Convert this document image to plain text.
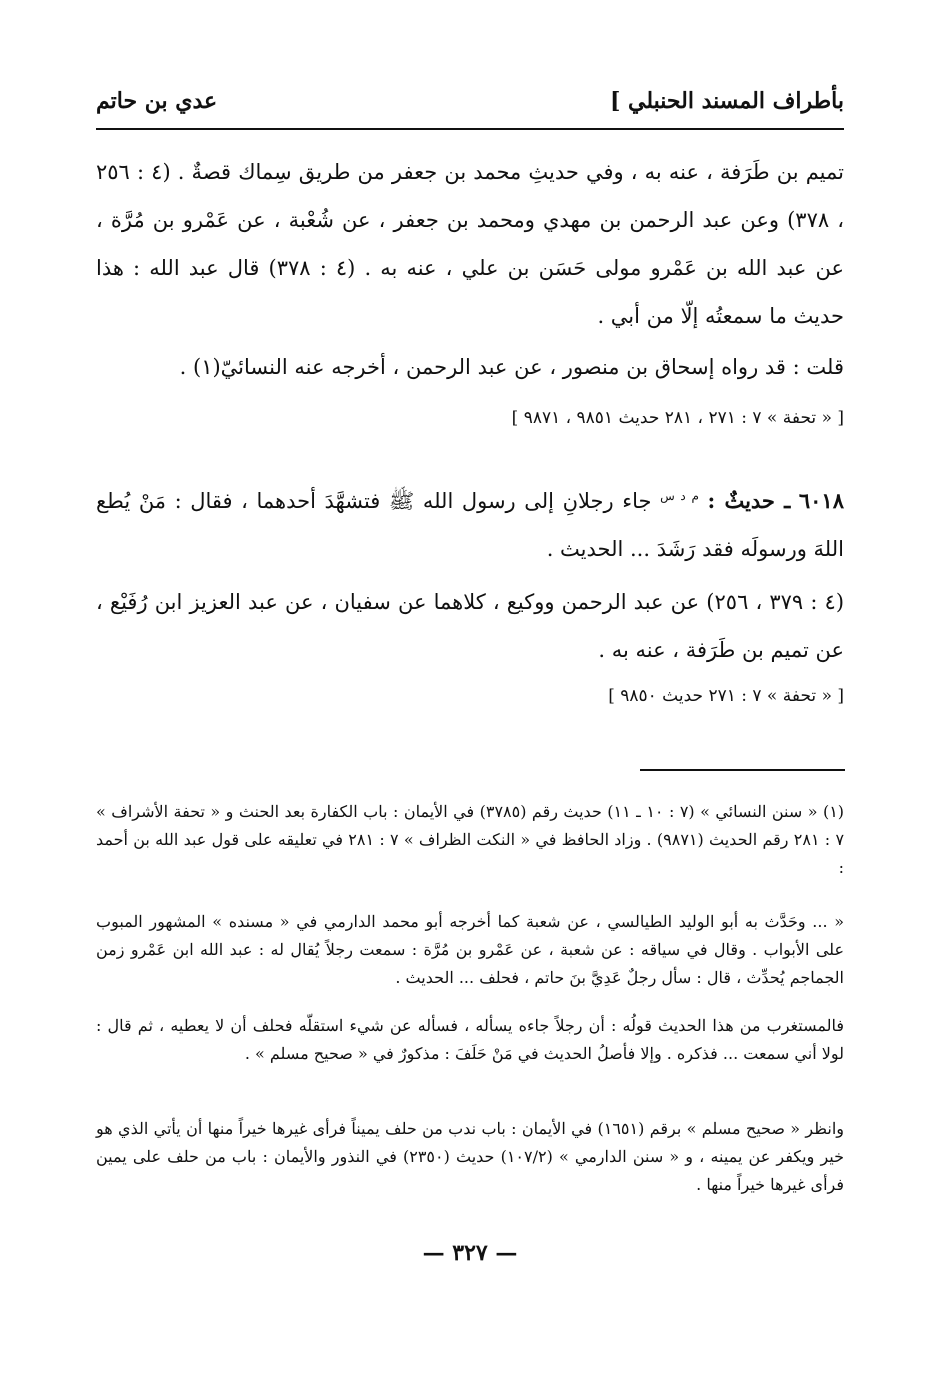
بأطراف المسند الحنبلي ]
عدي بن حاتم
تميم بن طَرَفة ، عنه به ، وفي حديثِ محمد بن جعفر من طريق سِماك قصةٌ . (٤ : ٢٥٦ ، ٣٧٨) وعن عبد الرحمن بن مهدي ومحمد بن جعفر ، عن شُعْبة ، عن عَمْرو بن مُرَّة ، عن عبد الله بن عَمْرو مولى حَسَن بن علي ، عنه به . (٤ : ٣٧٨) قال عبد الله : هذا حديث ما سمعتُه إلّا من أبي .
قلت : قد رواه إسحاق بن منصور ، عن عبد الرحمن ، أخرجه عنه النسائيّ(١) .
[ « تحفة » ٧ : ٢٧١ ، ٢٨١ حديث ٩٨٥١ ، ٩٨٧١ ]
٦٠١٨ ـ حديثٌ : $^{م د س}$ جاء رجلانِ إلى رسول الله ﷺ فتشهَّدَ أحدهما ، فقال : مَنْ يُطع اللهَ ورسولَه فقد رَشَدَ ... الحديث .
(٤ : ٣٧٩ ، ٢٥٦) عن عبد الرحمن ووكيع ، كلاهما عن سفيان ، عن عبد العزيز ابن رُفَيْع ، عن تميم بن طَرَفة ، عنه به .
[ « تحفة » ٧ : ٢٧١ حديث ٩٨٥٠ ]
(١) « سنن النسائي » (٧ : ١٠ ـ ١١) حديث رقم (٣٧٨٥) في الأيمان : باب الكفارة بعد الحنث و « تحفة الأشراف » ٧ : ٢٨١ رقم الحديث (٩٨٧١) . وزاد الحافظ في « النكت الظراف » ٧ : ٢٨١ في تعليقه على قول عبد الله بن أحمد :
« ... وحَدَّث به أبو الوليد الطيالسي ، عن شعبة كما أخرجه أبو محمد الدارمي في « مسنده » المشهور المبوب على الأبواب . وقال في سياقه : عن شعبة ، عن عَمْرو بن مُرَّة : سمعت رجلاً يُقال له : عبد الله ابن عَمْرو زمن الجماجم يُحدِّث ، قال : سأل رجلٌ عَدِيَّ بنَ حاتم ، فحلف ... الحديث .
فالمستغرب من هذا الحديث قولُه : أن رجلاً جاءه يسأله ، فسأله عن شيء استقلّه فحلف أن لا يعطيه ، ثم قال : لولا أني سمعت ... فذكره . وإلا فأصلُ الحديث في مَنْ حَلَفَ : مذكورٌ في « صحيح مسلم » .
وانظر « صحيح مسلم » برقم (١٦٥١) في الأيمان : باب ندب من حلف يميناً فرأى غيرها خيراً منها أن يأتي الذي هو خير ويكفر عن يمينه ، و « سنن الدارمي » (١٠٧/٢) حديث (٢٣٥٠) في النذور والأيمان : باب من حلف على يمين فرأى غيرها خيراً منها .
— ٣٢٧ —
